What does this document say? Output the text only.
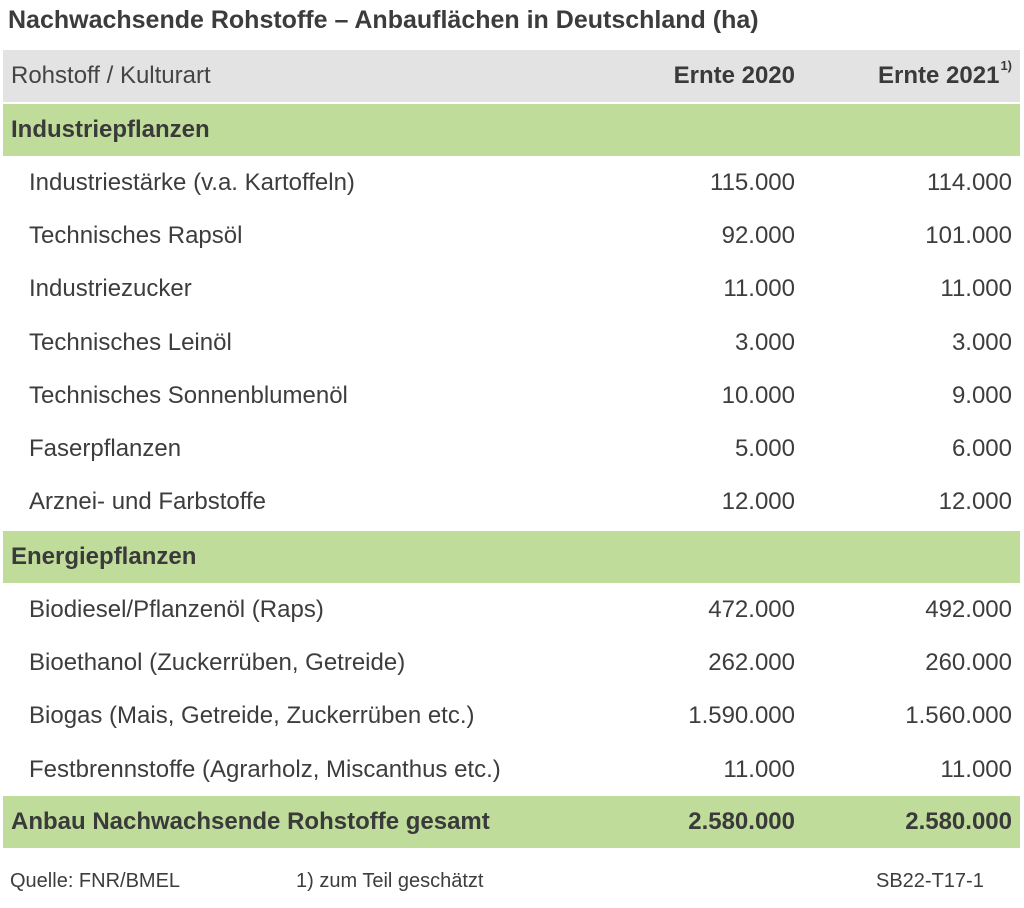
Nachwachsende Rohstoffe – Anbauflächen in Deutschland (ha)
Rohstoff / Kulturart	Ernte 2020	Ernte 2021$^{1)}$
Industriepflanzen
Industriestärke (v.a. Kartoffeln)	115.000	114.000
Technisches Rapsöl	92.000	101.000
Industriezucker	11.000	11.000
Technisches Leinöl	3.000	3.000
Technisches Sonnenblumenöl	10.000	9.000
Faserpflanzen	5.000	6.000
Arznei- und Farbstoffe	12.000	12.000
Energiepflanzen
Biodiesel/Pflanzenöl (Raps)	472.000	492.000
Bioethanol (Zuckerrüben, Getreide)	262.000	260.000
Biogas (Mais, Getreide, Zuckerrüben etc.)	1.590.000	1.560.000
Festbrennstoffe (Agrarholz, Miscanthus etc.)	11.000	11.000
Anbau Nachwachsende Rohstoffe gesamt	2.580.000	2.580.000
Quelle: FNR/BMEL	1) zum Teil geschätzt	SB22-T17-1
